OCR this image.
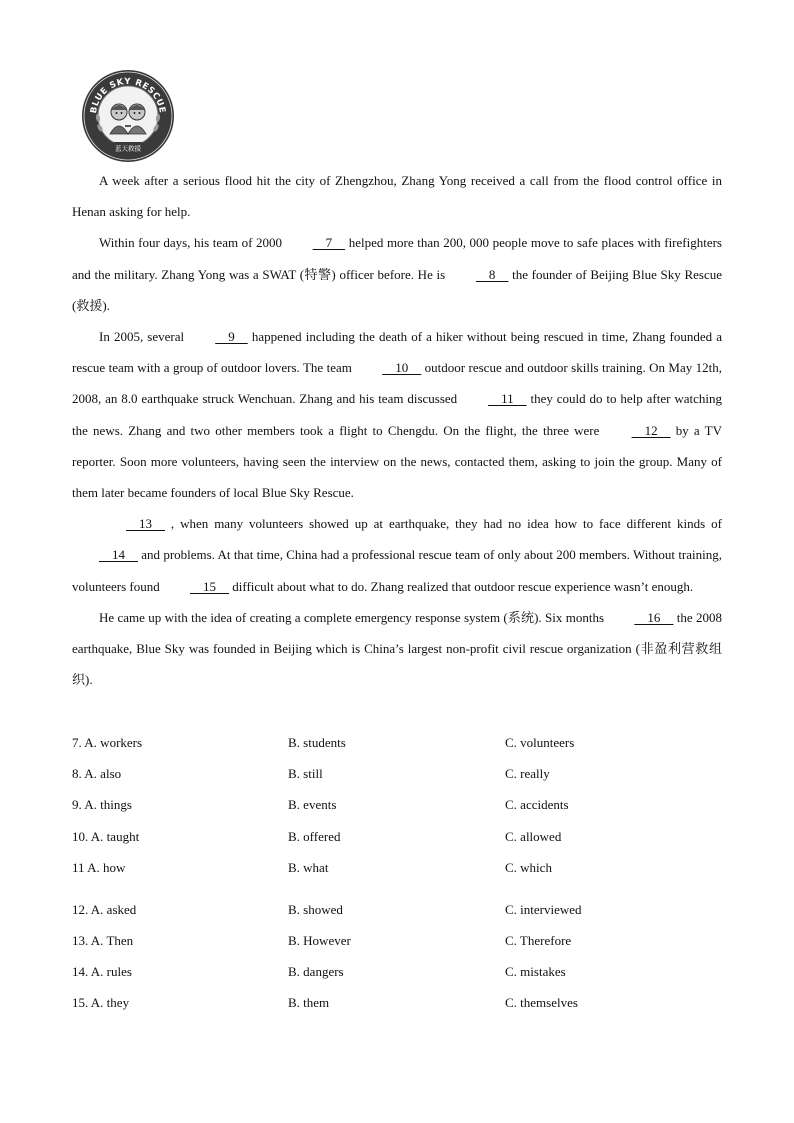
BLUE SKY RESCUE
蓝天救援

A week after a serious flood hit the city of Zhengzhou, Zhang Yong received a call from the flood control office in Henan asking for help.

Within four days, his team of 2000     7     helped more than 200, 000 people move to safe places with firefighters and the military. Zhang Yong was a SWAT (特警) officer before. He is     8     the founder of Beijing Blue Sky Rescue (救援).

In 2005, several     9     happened including the death of a hiker without being rescued in time, Zhang founded a rescue team with a group of outdoor lovers. The team     10     outdoor rescue and outdoor skills training. On May 12th, 2008, an 8.0 earthquake struck Wenchuan. Zhang and his team discussed     11     they could do to help after watching the news. Zhang and two other members took a flight to Chengdu. On the flight, the three were     12     by a TV reporter. Soon more volunteers, having seen the interview on the news, contacted them, asking to join the group. Many of them later became founders of local Blue Sky Rescue.

13     , when many volunteers showed up at earthquake, they had no idea how to face different kinds of     14     and problems. At that time, China had a professional rescue team of only about 200 members. Without training, volunteers found     15     difficult about what to do. Zhang realized that outdoor rescue experience wasn’t enough.

He came up with the idea of creating a complete emergency response system (系统). Six months     16     the 2008 earthquake, Blue Sky was founded in Beijing which is China’s largest non-profit civil rescue organization (非盈利营救组织).

7. A. workers	B. students	C. volunteers
8. A. also	B. still	C. really
9. A. things	B. events	C. accidents
10. A. taught	B. offered	C. allowed
11 A. how	B. what	C. which
12. A. asked	B. showed	C. interviewed
13. A. Then	B. However	C. Therefore
14. A. rules	B. dangers	C. mistakes
15. A. they	B. them	C. themselves
